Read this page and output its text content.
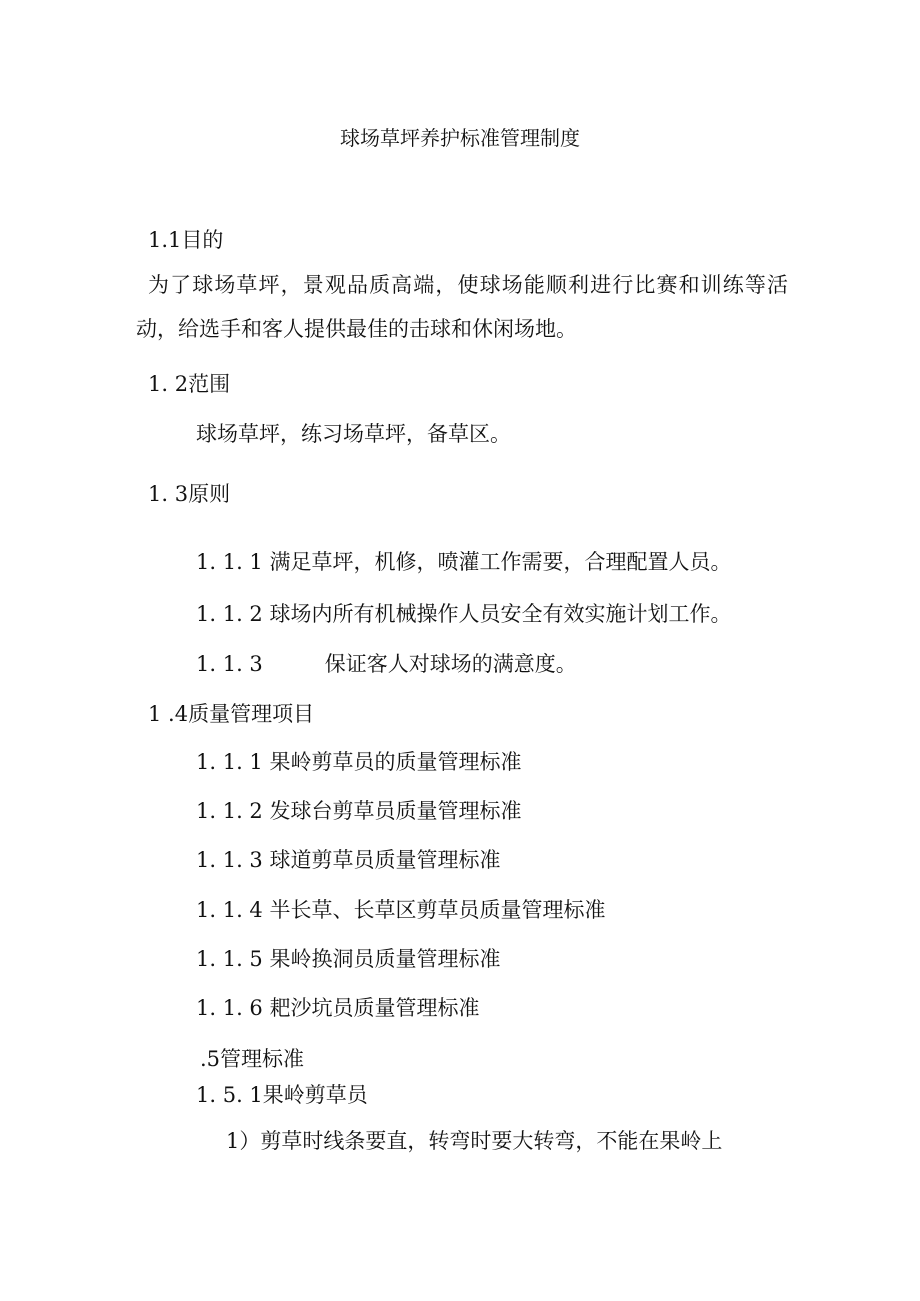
球场草坪养护标准管理制度
1.1目的
为了球场草坪，景观品质高端，使球场能顺利进行比赛和训练等活动，给选手和客人提供最佳的击球和休闲场地。
1. 2范围
球场草坪，练习场草坪，备草区。
1. 3原则
1. 1. 1 满足草坪，机修，喷灌工作需要，合理配置人员。
1. 1. 2 球场内所有机械操作人员安全有效实施计划工作。
1. 1. 3	保证客人对球场的满意度。
1 .4质量管理项目
1. 1. 1 果岭剪草员的质量管理标准
1. 1. 2 发球台剪草员质量管理标准
1. 1. 3 球道剪草员质量管理标准
1. 1. 4 半长草、长草区剪草员质量管理标准
1. 1. 5 果岭换洞员质量管理标准
1. 1. 6 耙沙坑员质量管理标准
.5管理标准
1. 5. 1果岭剪草员
1）剪草时线条要直，转弯时要大转弯，不能在果岭上
